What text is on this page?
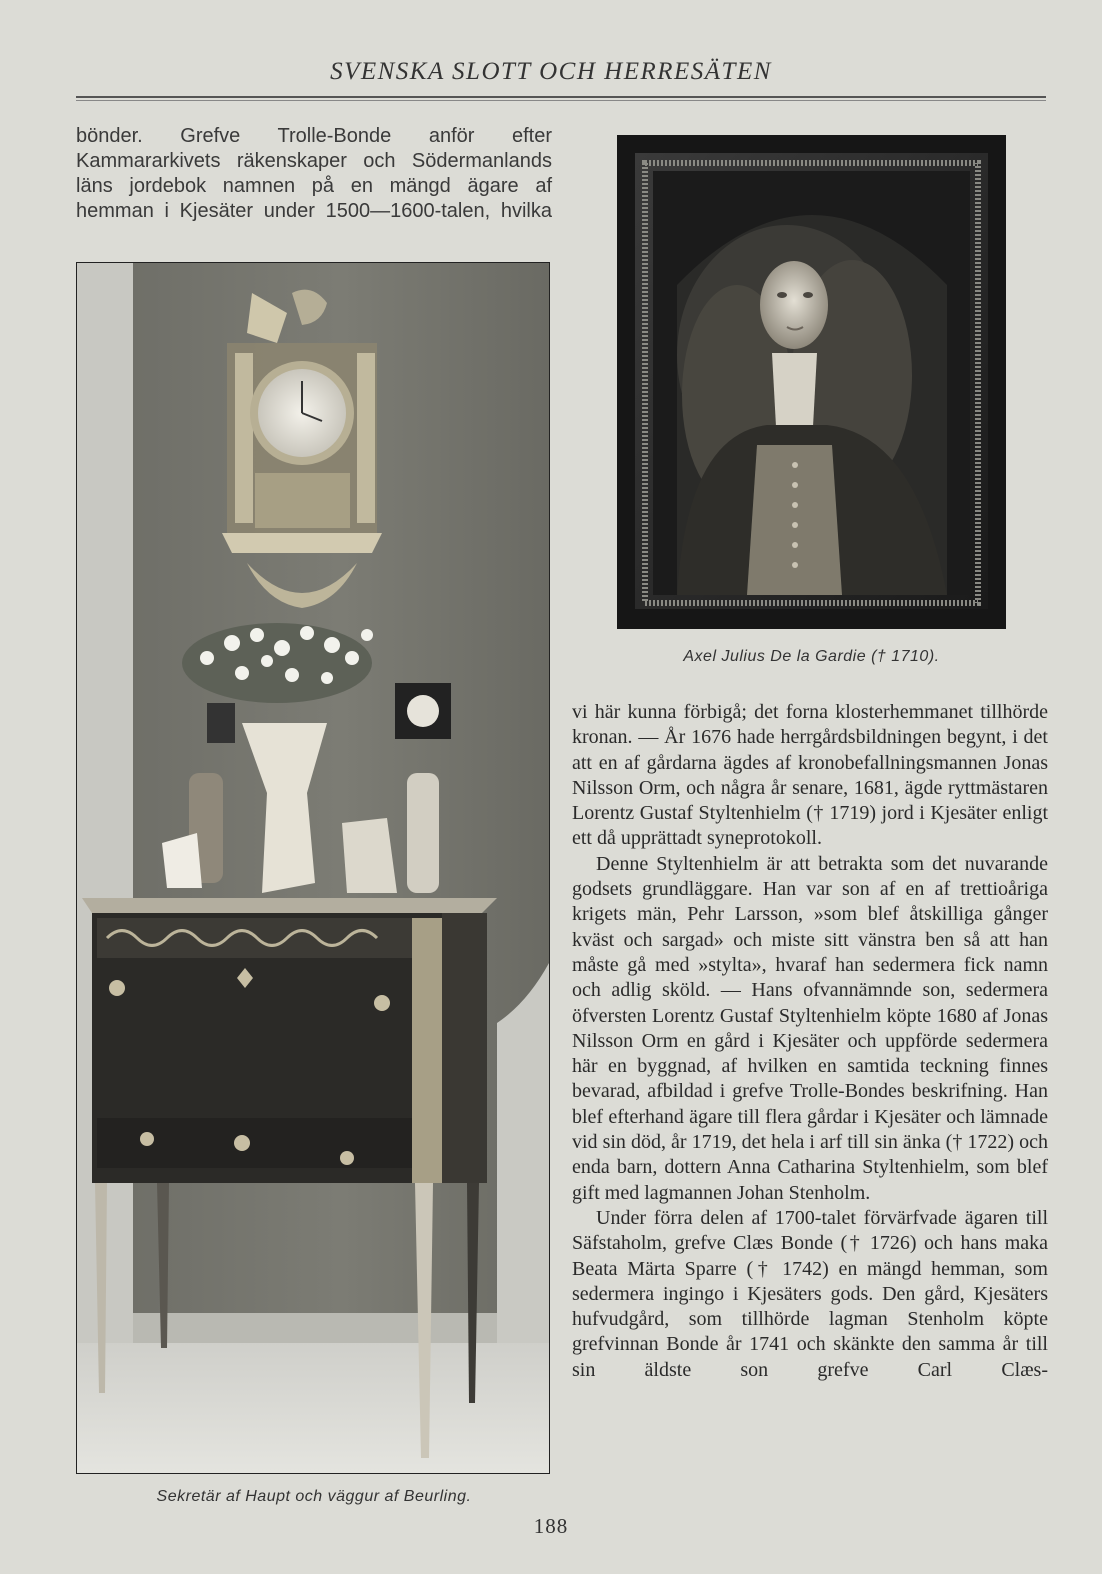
SVENSKA SLOTT OCH HERRESÄTEN

bönder. Grefve Trolle-Bonde anför efter Kammararkivets räkenskaper och Södermanlands läns jordebok namnen på en mängd ägare af hemman i Kjesäter under 1500—1600-talen, hvilka

Sekretär af Haupt och väggur af Beurling.
Axel Julius De la Gardie († 1710).

vi här kunna förbigå; det forna klosterhemmanet tillhörde kronan. — År 1676 hade herrgårdsbildningen begynt, i det att en af gårdarna ägdes af kronobefallningsmannen Jonas Nilsson Orm, och några år senare, 1681, ägde ryttmästaren Lorentz Gustaf Styltenhielm († 1719) jord i Kjesäter enligt ett då upprättadt syneprotokoll.

Denne Styltenhielm är att betrakta som det nuvarande godsets grundläggare. Han var son af en af trettioåriga krigets män, Pehr Larsson, »som blef åtskilliga gånger kväst och sargad» och miste sitt vänstra ben så att han måste gå med »stylta», hvaraf han sedermera fick namn och adlig sköld. — Hans ofvannämnde son, sedermera öfversten Lorentz Gustaf Styltenhielm köpte 1680 af Jonas Nilsson Orm en gård i Kjesäter och uppförde sedermera här en byggnad, af hvilken en samtida teckning finnes bevarad, afbildad i grefve Trolle-Bondes beskrifning. Han blef efterhand ägare till flera gårdar i Kjesäter och lämnade vid sin död, år 1719, det hela i arf till sin änka († 1722) och enda barn, dottern Anna Catharina Styltenhielm, som blef gift med lagmannen Johan Stenholm.

Under förra delen af 1700-talet förvärfvade ägaren till Säfstaholm, grefve Clæs Bonde († 1726) och hans maka Beata Märta Sparre († 1742) en mängd hemman, som sedermera ingingo i Kjesäters gods. Den gård, Kjesäters hufvudgård, som tillhörde lagman Stenholm köpte grefvinnan Bonde år 1741 och skänkte den samma år till sin äldste son grefve Carl Clæs-

188
